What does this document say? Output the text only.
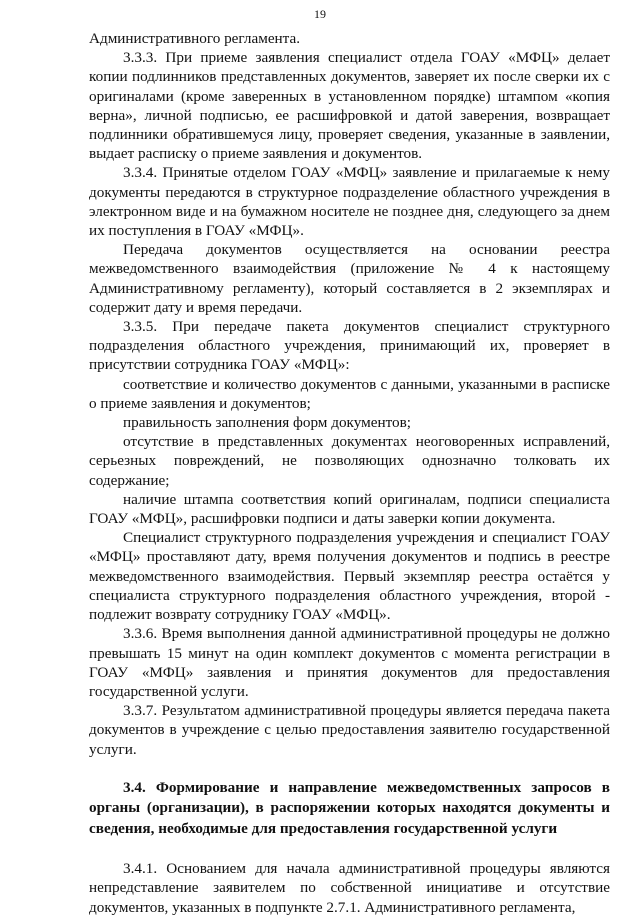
19

Административного регламента.

3.3.3. При приеме заявления специалист отдела ГОАУ «МФЦ» делает копии подлинников представленных документов, заверяет их после сверки их с оригиналами (кроме заверенных в установленном порядке) штампом «копия верна», личной подписью, ее расшифровкой и датой заверения, возвращает подлинники обратившемуся лицу, проверяет сведения, указанные в заявлении, выдает расписку о приеме заявления и документов.

3.3.4. Принятые отделом ГОАУ «МФЦ» заявление и прилагаемые к нему документы передаются в структурное подразделение областного учреждения в электронном виде и на бумажном носителе не позднее дня, следующего за днем их поступления в ГОАУ «МФЦ».

Передача документов осуществляется на основании реестра межведомственного взаимодействия (приложение № 4 к настоящему Административному регламенту), который составляется в 2 экземплярах и содержит дату и время передачи.

3.3.5. При передаче пакета документов специалист структурного подразделения областного учреждения, принимающий их, проверяет в присутствии сотрудника ГОАУ «МФЦ»:

соответствие и количество документов с данными, указанными в расписке о приеме заявления и документов;

правильность заполнения форм документов;

отсутствие в представленных документах неоговоренных исправлений, серьезных повреждений, не позволяющих однозначно толковать их содержание;

наличие штампа соответствия копий оригиналам, подписи специалиста ГОАУ «МФЦ», расшифровки подписи и даты заверки копии документа.

Специалист структурного подразделения учреждения и специалист ГОАУ «МФЦ» проставляют дату, время получения документов и подпись в реестре межведомственного взаимодействия. Первый экземпляр реестра остаётся у специалиста структурного подразделения областного учреждения, второй - подлежит возврату сотруднику ГОАУ «МФЦ».

3.3.6. Время выполнения данной административной процедуры не должно превышать 15 минут на один комплект документов с момента регистрации в ГОАУ «МФЦ» заявления и принятия документов для предоставления государственной услуги.

3.3.7. Результатом административной процедуры является передача пакета документов в учреждение с целью предоставления заявителю государственной услуги.

3.4. Формирование и направление межведомственных запросов в органы (организации), в распоряжении которых находятся документы и сведения, необходимые для предоставления государственной услуги

3.4.1. Основанием для начала административной процедуры являются непредставление заявителем по собственной инициативе и отсутствие документов, указанных в подпункте 2.7.1. Административного регламента,
